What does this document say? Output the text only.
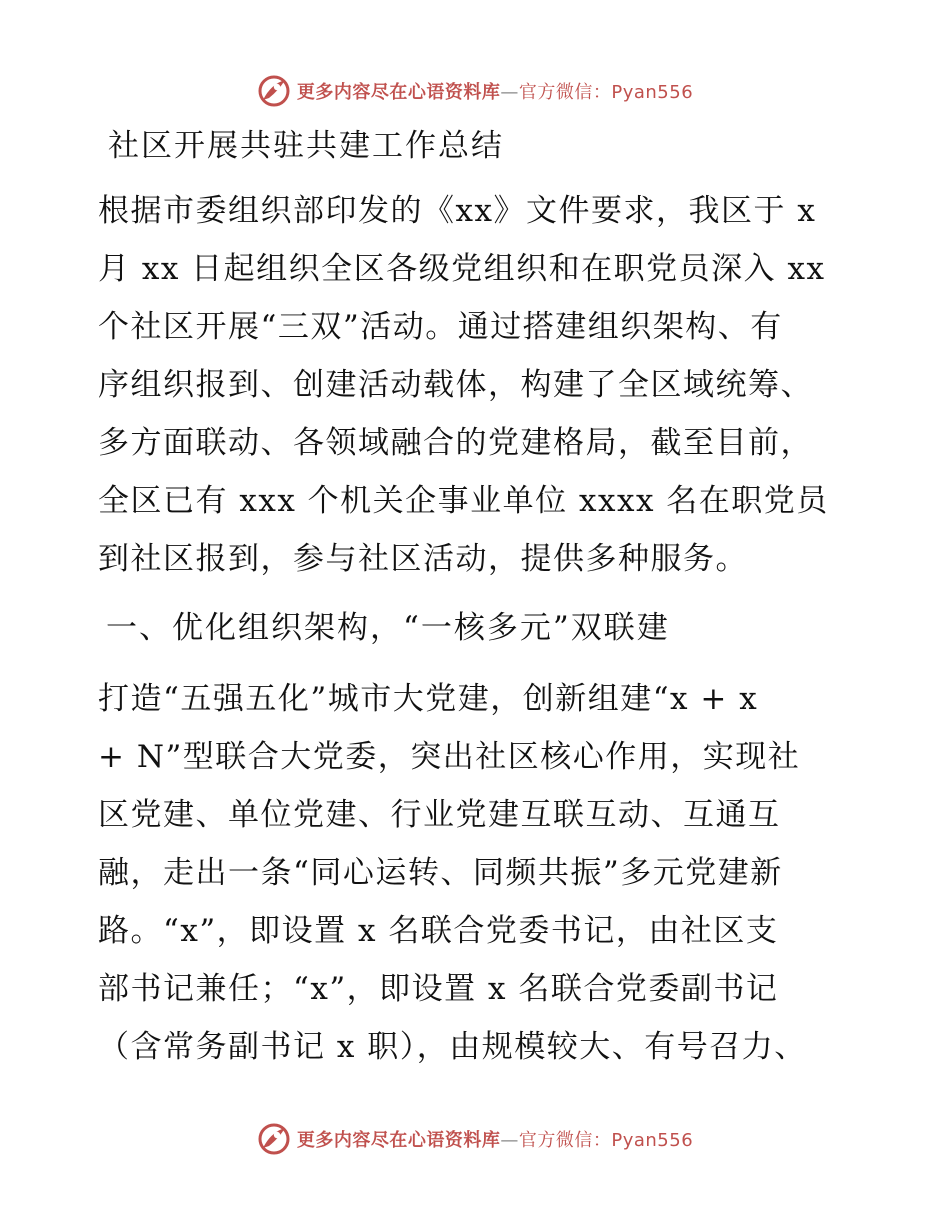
更多内容尽在心语资料库—官方微信：Pyan556
社区开展共驻共建工作总结

根据市委组织部印发的《xx》文件要求，我区于 x
月 xx 日起组织全区各级党组织和在职党员深入 xx
个社区开展“三双”活动。通过搭建组织架构、有
序组织报到、创建活动载体，构建了全区域统筹、
多方面联动、各领域融合的党建格局，截至目前，
全区已有 xxx 个机关企事业单位 xxxx 名在职党员
到社区报到，参与社区活动，提供多种服务。

一、优化组织架构，“一核多元”双联建

打造“五强五化”城市大党建，创新组建“x + x
+ N”型联合大党委，突出社区核心作用，实现社
区党建、单位党建、行业党建互联互动、互通互
融，走出一条“同心运转、同频共振”多元党建新
路。“x”，即设置 x 名联合党委书记，由社区支
部书记兼任；“x”，即设置 x 名联合党委副书记
（含常务副书记 x 职），由规模较大、有号召力、

更多内容尽在心语资料库—官方微信：Pyan556
